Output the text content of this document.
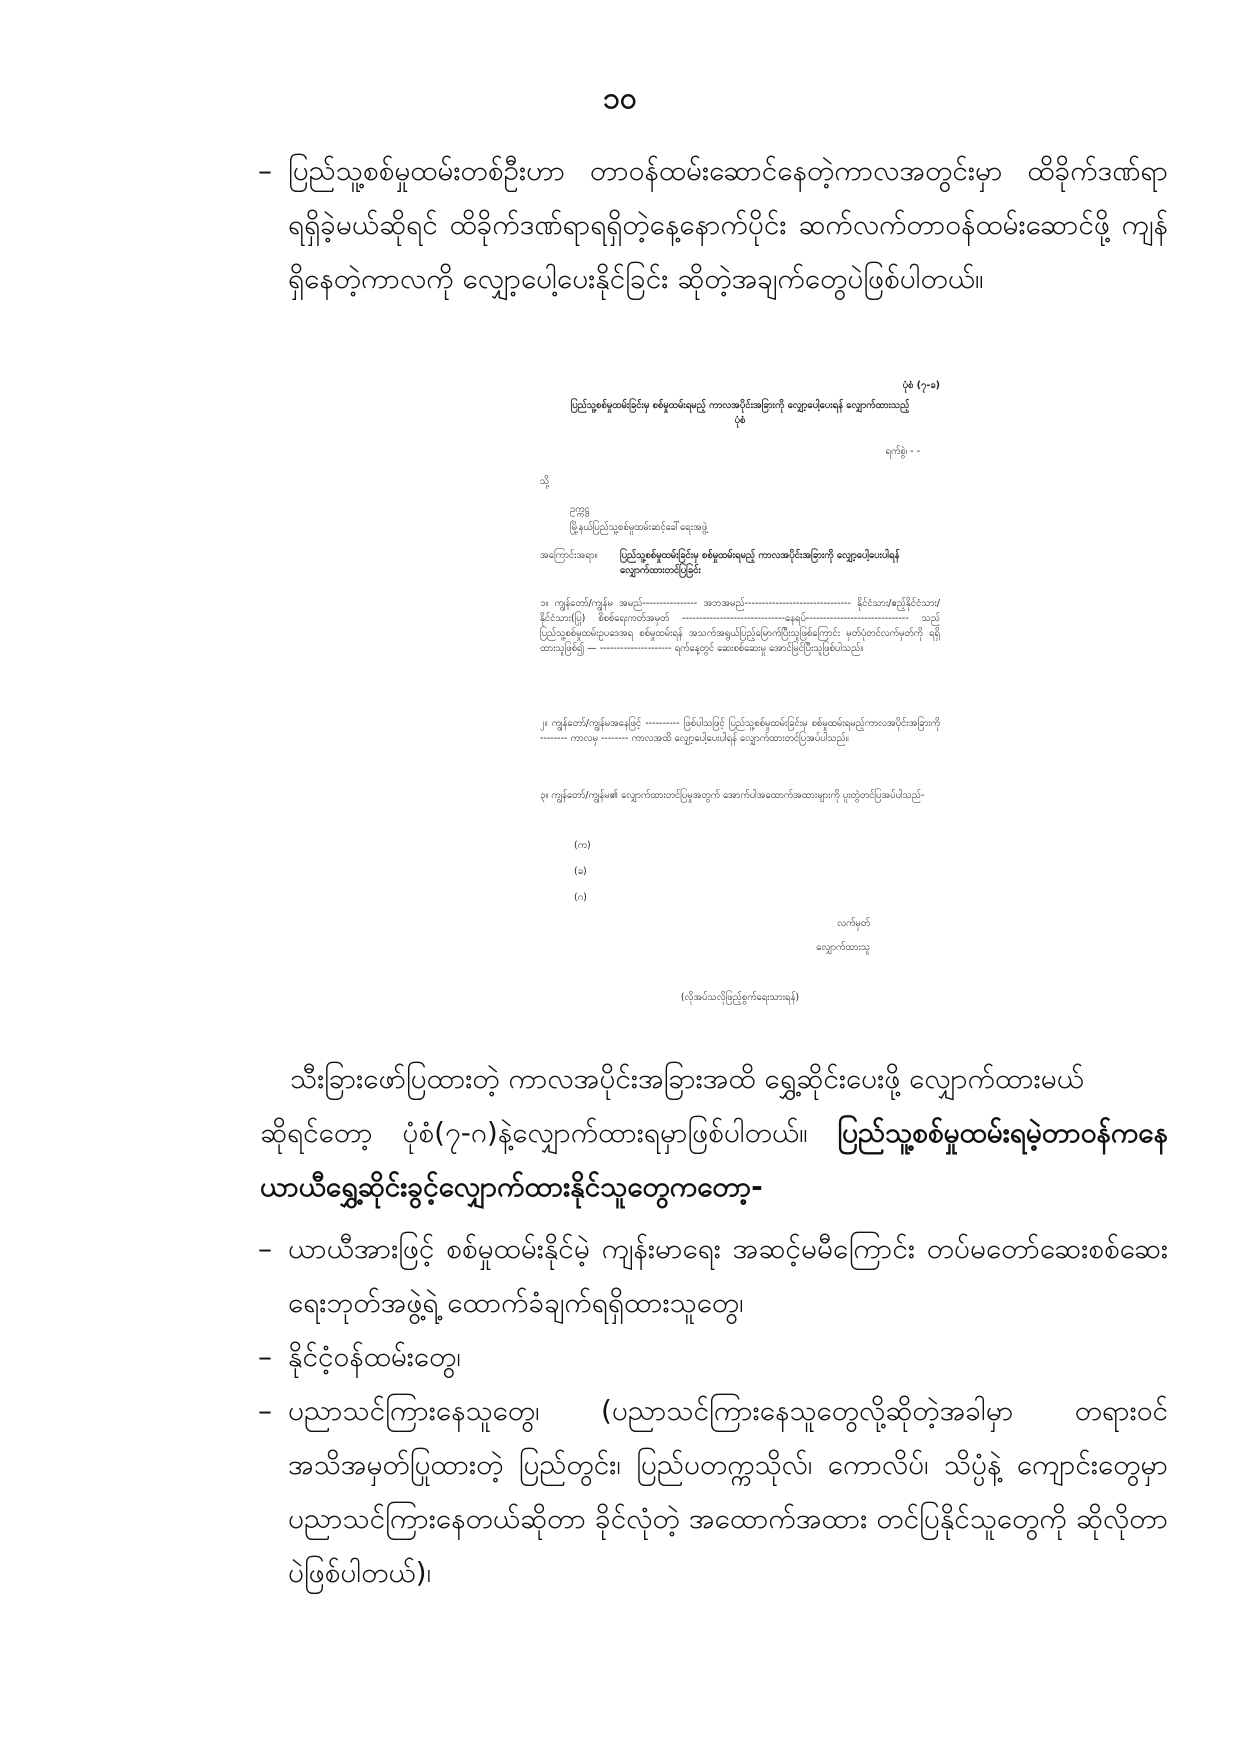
၁၀
– ပြည်သူ့စစ်မှုထမ်းတစ်ဦးဟာ တာဝန်ထမ်းဆောင်နေတဲ့ကာလအတွင်းမှာ ထိခိုက်ဒဏ်ရာရရှိခဲ့မယ်ဆိုရင် ထိခိုက်ဒဏ်ရာရရှိတဲ့နေ့နောက်ပိုင်း ဆက်လက်တာဝန်ထမ်းဆောင်ဖို့ ကျန်ရှိနေတဲ့ကာလကို လျှော့ပေါ့ပေးနိုင်ခြင်း ဆိုတဲ့အချက်တွေပဲဖြစ်ပါတယ်။

ပုံစံ (၇-ခ)
ပြည်သူ့စစ်မှုထမ်းခြင်းမှ စစ်မှုထမ်းရမည့် ကာလအပိုင်းအခြားကို လျှော့ပေါ့ပေးရန် လျှောက်ထားသည့်ပုံစံ
ရက်စွဲ၊ - -
သို့
ဥက္ကဋ္ဌ
မြို့နယ်ပြည်သူ့စစ်မှုထမ်းဆင့်ခေါ်ရေးအဖွဲ့
အကြောင်းအရာ။ ပြည်သူ့စစ်မှုထမ်းခြင်းမှ စစ်မှုထမ်းရမည့် ကာလအပိုင်းအခြားကို လျှော့ပေါ့ပေးပါရန် လျှောက်ထားတင်ပြခြင်း
၁။ ကျွန်တော်/ကျွန်မ အမည်---------------- အဘအမည်------------------------------- နိုင်ငံသား/ဧည့်နိုင်ငံသား/ နိုင်ငံသား(ပြု) စိစစ်ရေးကတ်အမှတ် ------------------------------နေရပ်------------------------------ သည် ပြည်သူ့စစ်မှုထမ်းဥပဒေအရ စစ်မှုထမ်းရန် အသက်အရွယ်ပြည့်မြောက်ပြီးသူဖြစ်ကြောင်း မှတ်ပုံတင်လက်မှတ်ကို ရရှိထားသူဖြစ်၍ — --------------------- ရက်နေ့တွင် ဆေးစစ်ဆေးမှု အောင်မြင်ပြီးသူဖြစ်ပါသည်။
၂။ ကျွန်တော်/ကျွန်မအနေဖြင့် ---------- ဖြစ်ပါသဖြင့် ပြည်သူ့စစ်မှုထမ်းခြင်းမှ စစ်မှုထမ်းရမည့်ကာလအပိုင်းအခြားကို -------- ကာလမှ -------- ကာလအထိ လျှော့ပေါ့ပေးပါရန် လျှောက်ထားတင်ပြအပ်ပါသည်။
၃။ ကျွန်တော်/ကျွန်မ၏ လျှောက်ထားတင်ပြမှုအတွက် အောက်ပါအထောက်အထားများကို ပူးတွဲတင်ပြအပ်ပါသည်-
(က)
(ခ)
(ဂ)
လက်မှတ်
လျှောက်ထားသူ
(လိုအပ်သလိုဖြည့်စွက်ရေးသားရန်)
သီးခြားဖော်ပြထားတဲ့ ကာလအပိုင်းအခြားအထိ ရွှေ့ဆိုင်းပေးဖို့ လျှောက်ထားမယ်
ဆိုရင်တော့ ပုံစံ(၇-ဂ)နဲ့လျှောက်ထားရမှာဖြစ်ပါတယ်။ ပြည်သူ့စစ်မှုထမ်းရမဲ့တာဝန်ကနေ ယာယီရွှေ့ဆိုင်းခွင့်လျှောက်ထားနိုင်သူတွေကတော့-
– ယာယီအားဖြင့် စစ်မှုထမ်းနိုင်မဲ့ ကျန်းမာရေး အဆင့်မမီကြောင်း တပ်မတော်ဆေးစစ်ဆေးရေးဘုတ်အဖွဲ့ရဲ့ ထောက်ခံချက်ရရှိထားသူတွေ၊

– နိုင်ငံ့ဝန်ထမ်းတွေ၊

– ပညာသင်ကြားနေသူတွေ၊ (ပညာသင်ကြားနေသူတွေလို့ဆိုတဲ့အခါမှာ တရားဝင်အသိအမှတ်ပြုထားတဲ့ ပြည်တွင်း၊ ပြည်ပတက္ကသိုလ်၊ ကောလိပ်၊ သိပ္ပံနဲ့ ကျောင်းတွေမှာ ပညာသင်ကြားနေတယ်ဆိုတာ ခိုင်လုံတဲ့ အထောက်အထား တင်ပြနိုင်သူတွေကို ဆိုလိုတာပဲဖြစ်ပါတယ်)၊
